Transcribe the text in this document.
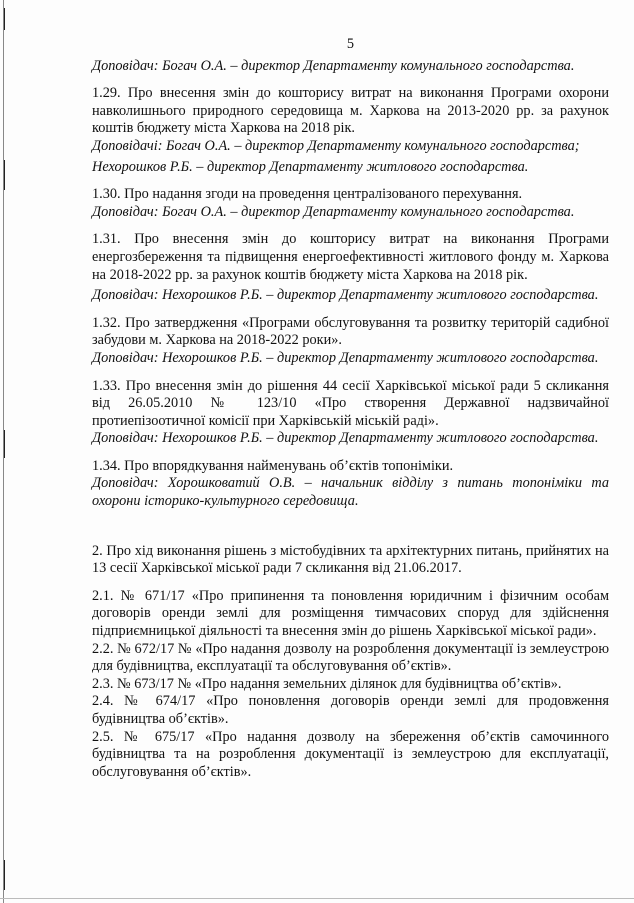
5

Доповідач: Богач О.А. – директор Департаменту комунального господарства.

1.29. Про внесення змін до кошторису витрат на виконання Програми охорони навколишнього природного середовища м. Харкова на 2013-2020 рр. за рахунок коштів бюджету міста Харкова на 2018 рік.

Доповідачі: Богач О.А. – директор Департаменту комунального господарства;

Нехорошков Р.Б. – директор Департаменту житлового господарства.

1.30. Про надання згоди на проведення централізованого перехування.

Доповідач: Богач О.А. – директор Департаменту комунального господарства.

1.31. Про внесення змін до кошторису витрат на виконання Програми енергозбереження та підвищення енергоефективності житлового фонду м. Харкова на 2018-2022 рр. за рахунок коштів бюджету міста Харкова на 2018 рік.

Доповідач: Нехорошков Р.Б. – директор Департаменту житлового господарства.

1.32. Про затвердження «Програми обслуговування та розвитку територій садибної забудови м. Харкова на 2018-2022 роки».

Доповідач: Нехорошков Р.Б. – директор Департаменту житлового господарства.

1.33. Про внесення змін до рішення 44 сесії Харківської міської ради 5 скликання від 26.05.2010 № 123/10 «Про створення Державної надзвичайної протиепізоотичної комісії при Харківській міській раді».

Доповідач: Нехорошков Р.Б. – директор Департаменту житлового господарства.

1.34. Про впорядкування найменувань об’єктів топоніміки.

Доповідач: Хорошковатий О.В. – начальник відділу з питань топоніміки та охорони історико-культурного середовища.

2. Про хід виконання рішень з містобудівних та архітектурних питань, прийнятих на 13 сесії Харківської міської ради 7 скликання від 21.06.2017.

2.1. № 671/17 «Про припинення та поновлення юридичним і фізичним особам договорів оренди землі для розміщення тимчасових споруд для здійснення підприємницької діяльності та внесення змін до рішень Харківської міської ради».

2.2. № 672/17 № «Про надання дозволу на розроблення документації із землеустрою для будівництва, експлуатації та обслуговування об’єктів».

2.3. № 673/17 № «Про надання земельних ділянок для будівництва об’єктів».

2.4. № 674/17 «Про поновлення договорів оренди землі для продовження будівництва об’єктів».

2.5. № 675/17 «Про надання дозволу на збереження об’єктів самочинного будівництва та на розроблення документації із землеустрою для експлуатації, обслуговування об’єктів».
